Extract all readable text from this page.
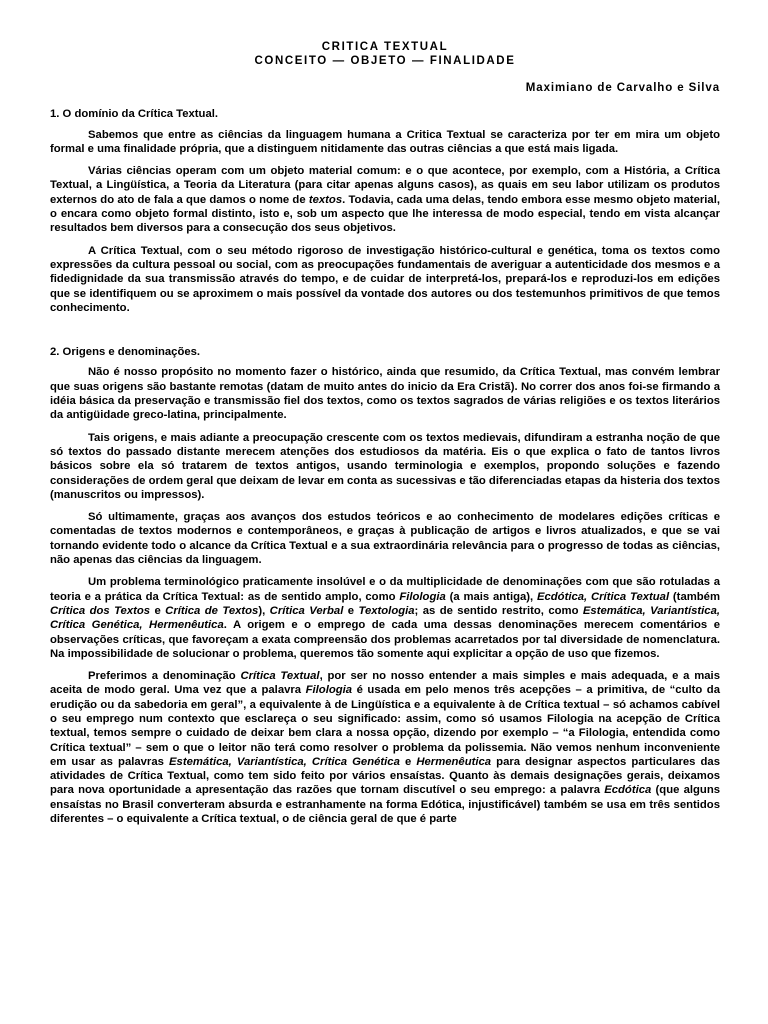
CRITICA TEXTUAL

CONCEITO — OBJETO — FINALIDADE

Maximiano de Carvalho e Silva

1. O domínio da Crítica Textual.

Sabemos que entre as ciências da linguagem humana a Critica Textual se caracteriza por ter em mira um objeto formal e uma finalidade própria, que a distinguem nitidamente das outras ciências a que está mais ligada.

Várias ciências operam com um objeto material comum: e o que acontece, por exemplo, com a História, a Crítica Textual, a Lingüística, a Teoria da Literatura (para citar apenas alguns casos), as quais em seu labor utilizam os produtos externos do ato de fala a que damos o nome de textos. Todavia, cada uma delas, tendo embora esse mesmo objeto material, o encara como objeto formal distinto, isto e, sob um aspecto que lhe interessa de modo especial, tendo em vista alcançar resultados bem diversos para a consecução dos seus objetivos.

A Crítica Textual, com o seu método rigoroso de investigação histórico-cultural e genética, toma os textos como expressões da cultura pessoal ou social, com as preocupações fundamentais de averiguar a autenticidade dos mesmos e a fidedignidade da sua transmissão através do tempo, e de cuidar de interpretá-los, prepará-los e reproduzi-los em edições que se identifiquem ou se aproximem o mais possível da vontade dos autores ou dos testemunhos primitivos de que temos conhecimento.

2. Origens e denominações.

Não é nosso propósito no momento fazer o histórico, ainda que resumido, da Crítica Textual, mas convém lembrar que suas origens são bastante remotas (datam de muito antes do inicio da Era Cristã). No correr dos anos foi-se firmando a idéia básica da preservação e transmissão fiel dos textos, como os textos sagrados de várias religiões e os textos literários da antigüidade greco-latina, principalmente.

Tais origens, e mais adiante a preocupação crescente com os textos medievais, difundiram a estranha noção de que só textos do passado distante merecem atenções dos estudiosos da matéria. Eis o que explica o fato de tantos livros básicos sobre ela só tratarem de textos antigos, usando terminologia e exemplos, propondo soluções e fazendo considerações de ordem geral que deixam de levar em conta as sucessivas e tão diferenciadas etapas da histeria dos textos (manuscritos ou impressos).

Só ultimamente, graças aos avanços dos estudos teóricos e ao conhecimento de modelares edições críticas e comentadas de textos modernos e contemporâneos, e graças à publicação de artigos e livros atualizados, e que se vai tornando evidente todo o alcance da Crítica Textual e a sua extraordinária relevância para o progresso de todas as ciências, não apenas das ciências da linguagem.

Um problema terminológico praticamente insolúvel e o da multiplicidade de denominações com que são rotuladas a teoria e a prática da Crítica Textual: as de sentido amplo, como Filologia (a mais antiga), Ecdótica, Crítica Textual (também Crítica dos Textos e Crítica de Textos), Crítica Verbal e Textologia; as de sentido restrito, como Estemática, Variantística, Crítica Genética, Hermenêutica. A origem e o emprego de cada uma dessas denominações merecem comentários e observações críticas, que favoreçam a exata compreensão dos problemas acarretados por tal diversidade de nomenclatura. Na impossibilidade de solucionar o problema, queremos tão somente aqui explicitar a opção de uso que fizemos.

Preferimos a denominação Crítica Textual, por ser no nosso entender a mais simples e mais adequada, e a mais aceita de modo geral. Uma vez que a palavra Filologia é usada em pelo menos três acepções – a primitiva, de “culto da erudição ou da sabedoria em geral”, a equivalente à de Lingüística e a equivalente à de Crítica textual – só achamos cabível o seu emprego num contexto que esclareça o seu significado: assim, como só usamos Filologia na acepção de Crítica textual, temos sempre o cuidado de deixar bem clara a nossa opção, dizendo por exemplo – “a Filologia, entendida como Crítica textual” – sem o que o leitor não terá como resolver o problema da polissemia. Não vemos nenhum inconveniente em usar as palavras Estemática, Variantística, Crítica Genética e Hermenêutica para designar aspectos particulares das atividades de Crítica Textual, como tem sido feito por vários ensaístas. Quanto às demais designações gerais, deixamos para nova oportunidade a apresentação das razões que tornam discutível o seu emprego: a palavra Ecdótica (que alguns ensaístas no Brasil converteram absurda e estranhamente na forma Edótica, injustificável) também se usa em três sentidos diferentes – o equivalente a Crítica textual, o de ciência geral de que é parte
